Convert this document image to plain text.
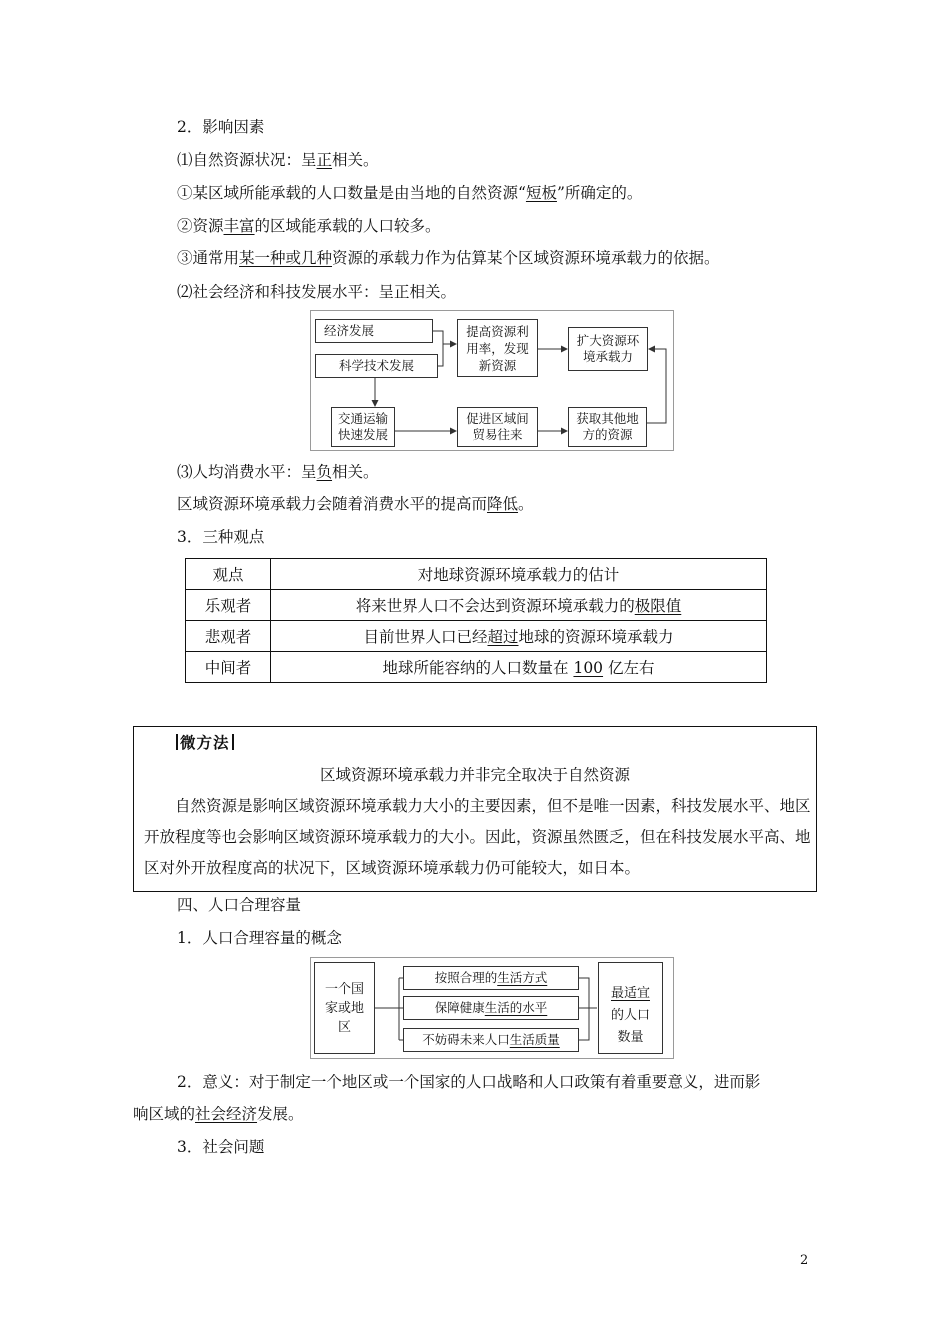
2．影响因素
⑴自然资源状况：呈正相关。
①某区域所能承载的人口数量是由当地的自然资源“短板”所确定的。
②资源丰富的区域能承载的人口较多。
③通常用某一种或几种资源的承载力作为估算某个区域资源环境承载力的依据。
⑵社会经济和科技发展水平：呈正相关。
经济发展
科学技术发展
提高资源利用率，发现新资源
扩大资源环境承载力
交通运输快速发展
促进区域间贸易往来
获取其他地方的资源
⑶人均消费水平：呈负相关。
区域资源环境承载力会随着消费水平的提高而降低。
3．三种观点
观点	对地球资源环境承载力的估计
乐观者	将来世界人口不会达到资源环境承载力的极限值
悲观者	目前世界人口已经超过地球的资源环境承载力
中间者	地球所能容纳的人口数量在 100 亿左右
微方法
区域资源环境承载力并非完全取决于自然资源
自然资源是影响区域资源环境承载力大小的主要因素，但不是唯一因素，科技发展水平、地区开放程度等也会影响区域资源环境承载力的大小。因此，资源虽然匮乏，但在科技发展水平高、地区对外开放程度高的状况下，区域资源环境承载力仍可能较大，如日本。
四、人口合理容量
1．人口合理容量的概念
一个国家或地区
按照合理的 生活方式
保障健康 生活的水平
不妨碍未来人口 生活质量
最适宜的人口数量
2．意义：对于制定一个地区或一个国家的人口战略和人口政策有着重要意义，进而影
响区域的社会经济发展。
3．社会问题
2
